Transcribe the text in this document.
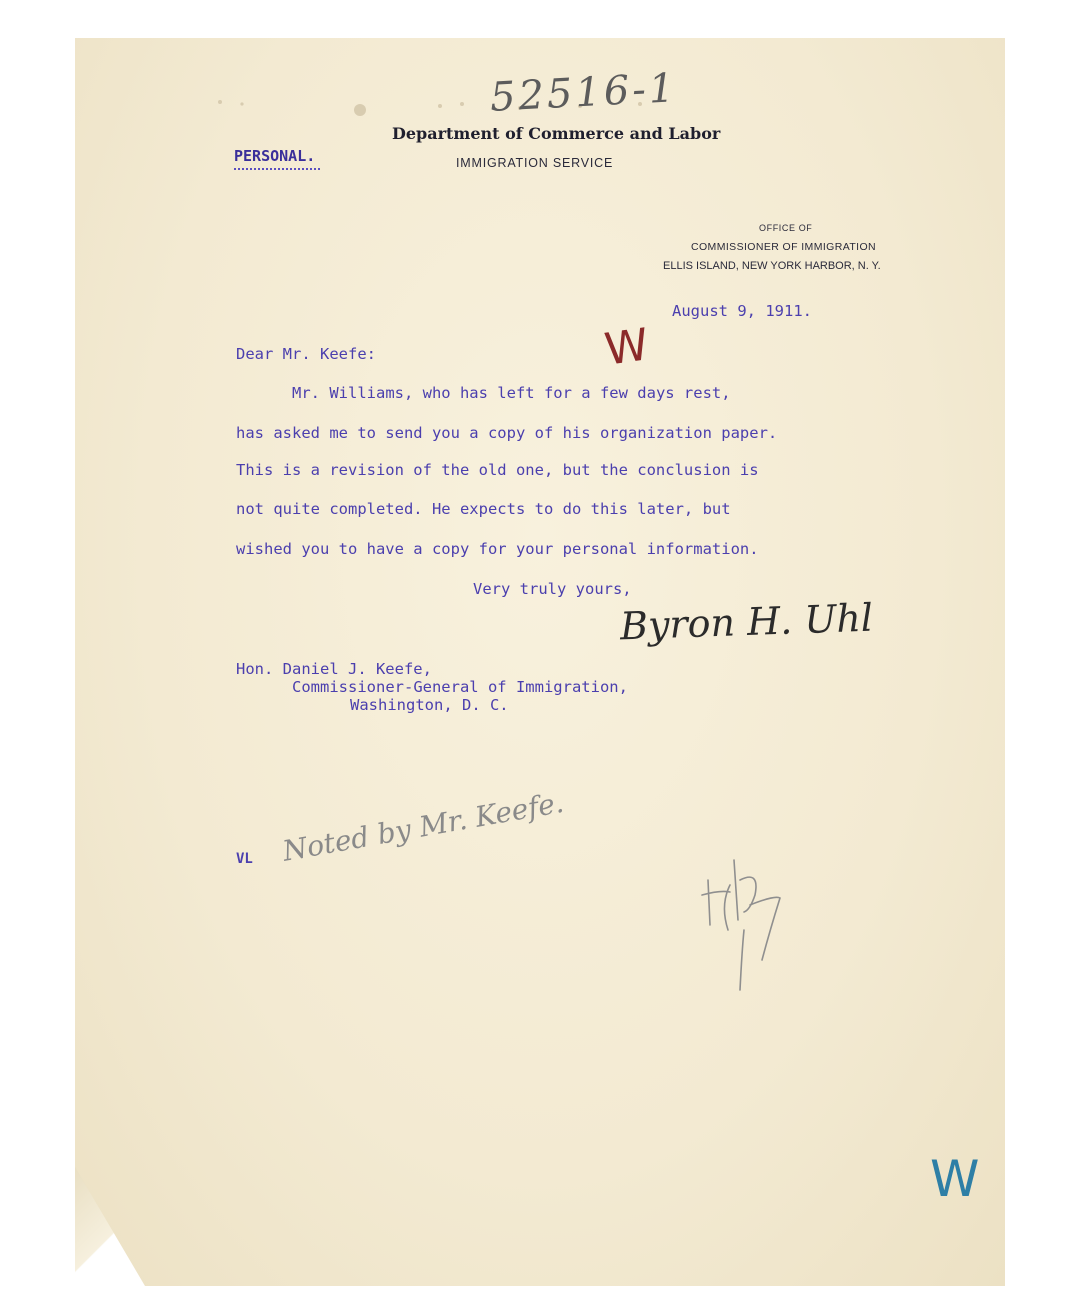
52516-1
PERSONAL.
Department of Commerce and Labor
IMMIGRATION SERVICE
OFFICE OF
COMMISSIONER OF IMMIGRATION
ELLIS ISLAND, NEW YORK HARBOR, N. Y.
August 9, 1911.
W
Dear Mr. Keefe:
Mr. Williams, who has left for a few days rest,
has asked me to send you a copy of his organization paper.
This is a revision of the old one, but the conclusion is
not quite completed. He expects to do this later, but
wished you to have a copy for your personal information.
Very truly yours,
Byron H. Uhl
Hon. Daniel J. Keefe,
Commissioner-General of Immigration,
Washington, D. C.
VL Noted by Mr. Keefe.
W
